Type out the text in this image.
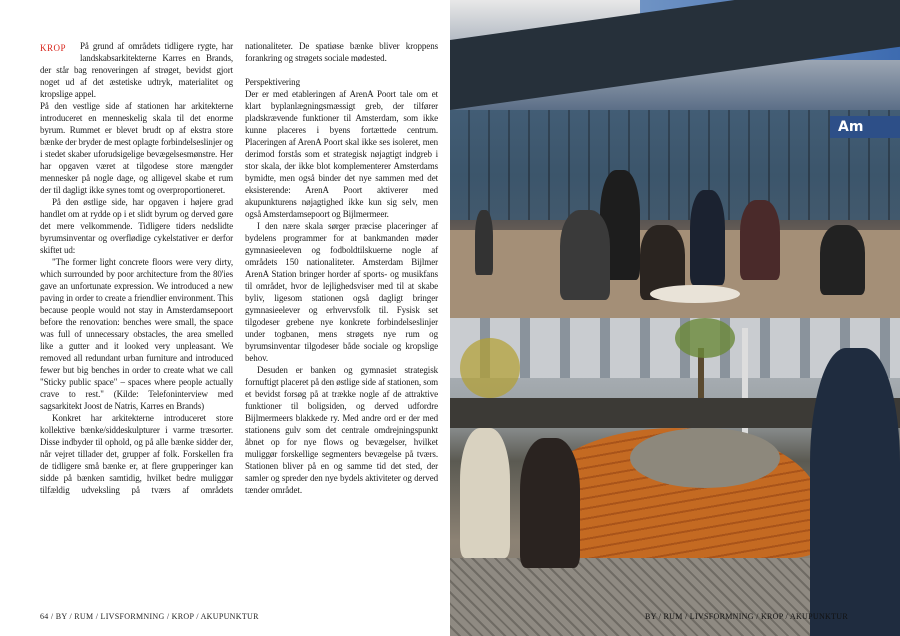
KROP	På grund af områdets tidligere rygte, har landskabsarkitekterne Karres en Brands, der står bag renoveringen af strøget, bevidst gjort noget ud af det æstetiske udtryk, materialitet og kropslige appel.

På den vestlige side af stationen har arkitekterne introduceret en menneskelig skala til det enorme byrum. Rummet er blevet brudt op af ekstra store bænke der bryder de mest oplagte forbindelseslinjer og i stedet skaber uforudsigelige bevægelsesmønstre. Her har opgaven været at tilgodese store mængder mennesker på nogle dage, og alligevel skabe et rum der til dagligt ikke synes tomt og overproportioneret.

På den østlige side, har opgaven i højere grad handlet om at rydde op i et slidt byrum og derved gøre det mere velkommende. Tidligere tiders nedslidte byrumsinventar og overflødige cykelstativer er derfor skiftet ud:

"The former light concrete floors were very dirty, which surrounded by poor architecture from the 80'ies gave an unfortunate expression. We introduced a new paving in order to create a friendlier environment. This because people would not stay in Amsterdamsepoort before the renovation: benches were small, the space was full of unnecessary obstacles, the area smelled like a gutter and it looked very unpleasant. We removed all redundant urban furniture and introduced fewer but big benches in order to create what we call "Sticky public space" – spaces where people actually crave to rest." (Kilde: Telefoninterview med sagsarkitekt Joost de Natris, Karres en Brands)

Konkret har arkitekterne introduceret store kollektive bænke/siddeskulpturer i varme træsorter. Disse indbyder til ophold, og på alle bænke sidder der, når vejret tillader det, grupper af folk. Forskellen fra de tidligere små bænke er, at flere grupperinger kan sidde på bænken samtidig, hvilket bedre muliggør tilfældig udveksling på tværs af områdets nationaliteter. De spatiøse bænke bliver kroppens forankring og strøgets sociale mødested.

Perspektivering

Der er med etableringen af ArenA Poort tale om et klart byplanlægningsmæssigt greb, der tilfører pladskrævende funktioner til Amsterdam, som ikke kunne placeres i byens fortættede centrum. Placeringen af ArenA Poort skal ikke ses isoleret, men derimod forstås som et strategisk nøjagtigt indgreb i stor skala, der ikke blot komplementerer Amsterdams bymidte, men også binder det nye sammen med det eksisterende: ArenA Poort aktiverer med akupunkturens nøjagtighed ikke kun sig selv, men også Amsterdamsepoort og Bijlmermeer.

I den nære skala sørger præcise placeringer af bydelens programmer for at bankmanden møder gymnasieeleven og fodboldtilskuerne nogle af områdets 150 nationaliteter. Amsterdam Bijlmer ArenA Station bringer horder af sports- og musikfans til området, hvor de lejlighedsviser med til at skabe byliv, ligesom stationen også dagligt bringer gymnasieelever og erhvervsfolk til. Fysisk set tilgodeser grebene nye konkrete forbindelseslinjer under togbanen, mens strøgets nye rum og byrumsinventar tilgodeser både sociale og kropslige behov.

Desuden er banken og gymnasiet strategisk fornuftigt placeret på den østlige side af stationen, som et bevidst forsøg på at trække nogle af de attraktive funktioner til boligsiden, og derved udfordre Bijlmermeers blakkede ry. Med andre ord er der med stationens gulv som det centrale omdrejningspunkt åbnet op for nye flows og bevægelser, hvilket muliggør forskellige segmenters bevægelse på tværs. Stationen bliver på en og samme tid det sted, der samler og spreder den nye bydels aktiviteter og derved tænder området.

64 / BY / RUM / LIVSFORMNING / KROP / AKUPUNKTUR
Am
BY / RUM / LIVSFORMNING / KROP / AKUPUNKTUR
